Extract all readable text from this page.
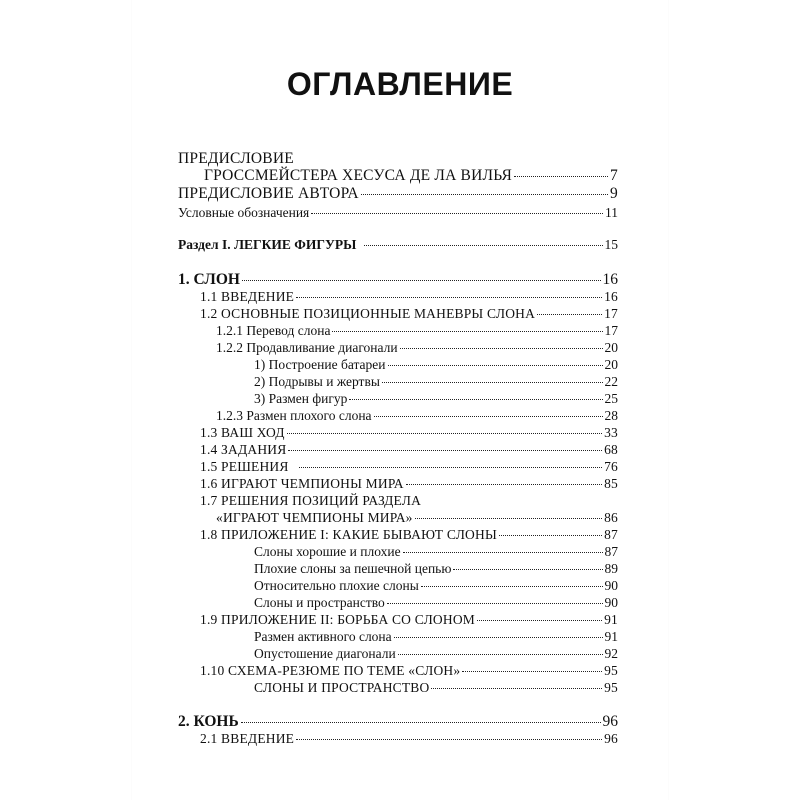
ОГЛАВЛЕНИЕ
ПРЕДИСЛОВИЕ
ГРОССМЕЙСТЕРА ХЕСУСА ДЕ ЛА ВИЛЬЯ	7
ПРЕДИСЛОВИЕ АВТОРА	9
Условные обозначения	11
Раздел I. ЛЕГКИЕ ФИГУРЫ	15
1. СЛОН	16
1.1 ВВЕДЕНИЕ	16
1.2 ОСНОВНЫЕ ПОЗИЦИОННЫЕ МАНЕВРЫ СЛОНА	17
1.2.1 Перевод слона	17
1.2.2 Продавливание диагонали	20
1) Построение батареи	20
2) Подрывы и жертвы	22
3) Размен фигур	25
1.2.3 Размен плохого слона	28
1.3 ВАШ ХОД	33
1.4 ЗАДАНИЯ	68
1.5 РЕШЕНИЯ	76
1.6 ИГРАЮТ ЧЕМПИОНЫ МИРА	85
1.7 РЕШЕНИЯ ПОЗИЦИЙ РАЗДЕЛА
«ИГРАЮТ ЧЕМПИОНЫ МИРА»	86
1.8 ПРИЛОЖЕНИЕ I: КАКИЕ БЫВАЮТ СЛОНЫ	87
Слоны хорошие и плохие	87
Плохие слоны за пешечной цепью	89
Относительно плохие слоны	90
Слоны и пространство	90
1.9 ПРИЛОЖЕНИЕ II: БОРЬБА СО СЛОНОМ	91
Размен активного слона	91
Опустошение диагонали	92
1.10 СХЕМА-РЕЗЮМЕ ПО ТЕМЕ «СЛОН»	95
СЛОНЫ И ПРОСТРАНСТВО	95
2. КОНЬ	96
2.1 ВВЕДЕНИЕ	96
